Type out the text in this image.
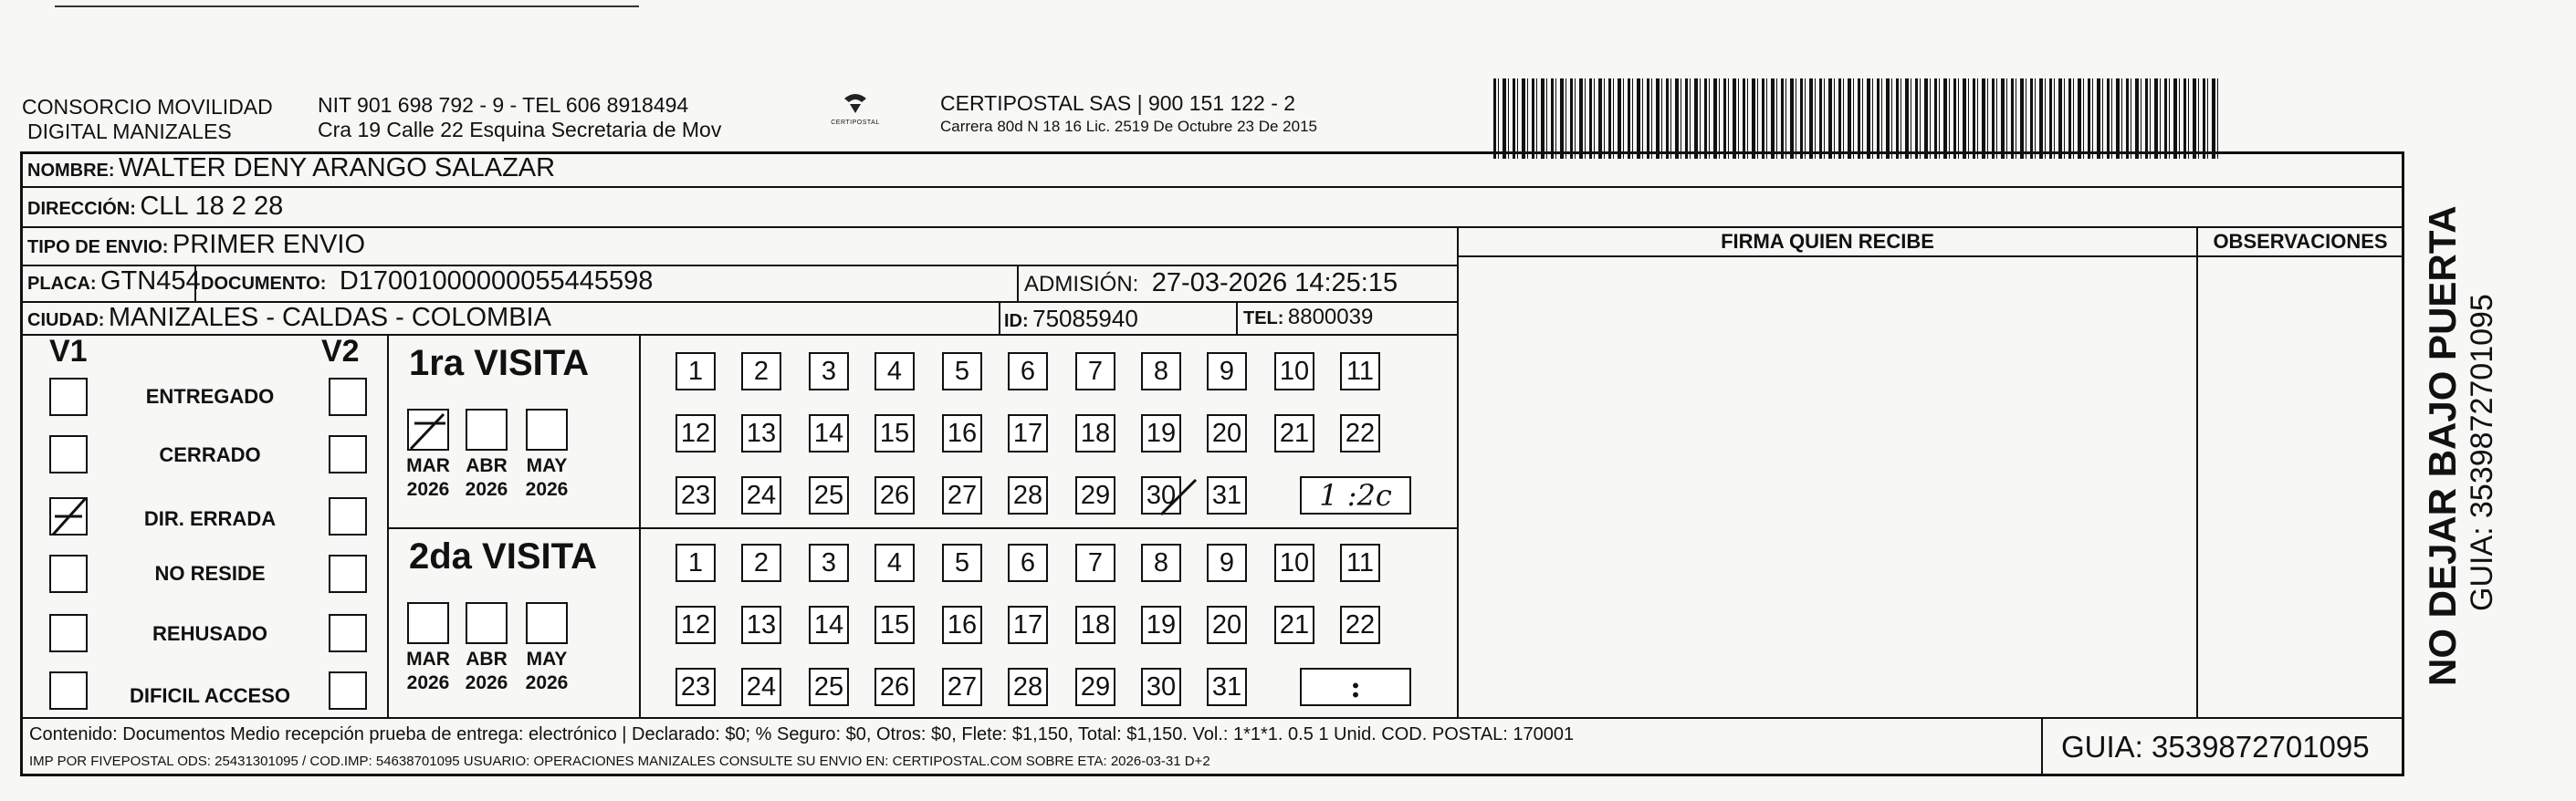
CONSORCIO MOVILIDAD
DIGITAL MANIZALES
NIT 901 698 792 - 9 - TEL 606 8918494
Cra 19 Calle 22 Esquina Secretaria de Mov	CERTIPOSTAL
CERTIPOSTAL SAS | 900 151 122 - 2
Carrera 80d N 18 16 Lic. 2519 De Octubre 23 De 2015
NOMBRE: WALTER DENY ARANGO SALAZAR
DIRECCIÓN: CLL 18 2 28
TIPO DE ENVIO: PRIMER ENVIO
PLACA: GTN454 DOCUMENTO: D17001000000055445598	ADMISIÓN: 27-03-2026 14:25:15
CIUDAD: MANIZALES - CALDAS - COLOMBIA	ID: 75085940	TEL: 8800039
FIRMA QUIEN RECIBE	OBSERVACIONES
V1	V2
ENTREGADO
CERRADO
DIR. ERRADA
NO RESIDE
REHUSADO
DIFICIL ACCESO
1ra VISITA
2da VISITA
MAR
2026
ABR
2026
MAY
2026
MAR
2026
ABR
2026
MAY
2026
1	2	3	4	5	6	7	8	9	10 11
12 13 14 15 16 17 18 19 20 21 22
23 24 25 26 27 28 29 30 31
1	2	3	4	5	6	7	8	9	10 11
12 13 14 15 16 17 18 19 20 21 22
23 24 25 26 27 28 29 30 31
1 :2c
:
NO DEJAR BAJO PUERTA GUIA: 3539872701095
Contenido: Documentos Medio recepción prueba de entrega: electrónico | Declarado: $0; % Seguro: $0, Otros: $0, Flete: $1,150, Total: $1,150. Vol.: 1*1*1. 0.5 1 Unid. COD. POSTAL: 170001
IMP POR FIVEPOSTAL ODS: 25431301095 / COD.IMP: 54638701095 USUARIO: OPERACIONES MANIZALES CONSULTE SU ENVIO EN: CERTIPOSTAL.COM SOBRE ETA: 2026-03-31 D+2	GUIA: 3539872701095
